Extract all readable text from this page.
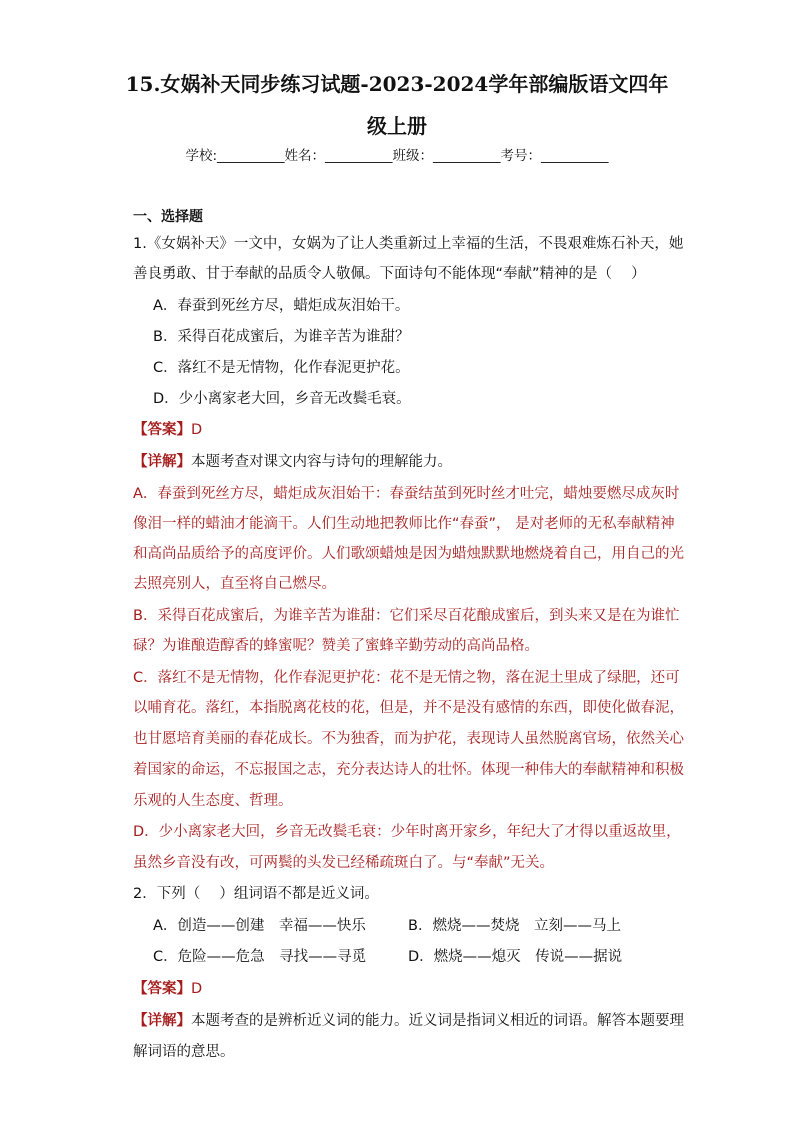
15.女娲补天同步练习试题-2023-2024学年部编版语文四年
级上册
学校:__________姓名：__________班级：__________考号：__________
一、选择题
1.《女娲补天》一文中，女娲为了让人类重新过上幸福的生活，不畏艰难炼石补天，她
善良勇敢、甘于奉献的品质令人敬佩。下面诗句不能体现“奉献”精神的是（　 ）
A．春蚕到死丝方尽，蜡炬成灰泪始干。
B．采得百花成蜜后，为谁辛苦为谁甜？
C．落红不是无情物，化作春泥更护花。
D．少小离家老大回，乡音无改鬓毛衰。
【答案】D
【详解】本题考查对课文内容与诗句的理解能力。
A．春蚕到死丝方尽，蜡炬成灰泪始干：春蚕结茧到死时丝才吐完，蜡烛要燃尽成灰时
像泪一样的蜡油才能滴干。人们生动地把教师比作“春蚕”， 是对老师的无私奉献精神
和高尚品质给予的高度评价。人们歌颂蜡烛是因为蜡烛默默地燃烧着自己，用自己的光
去照亮别人，直至将自己燃尽。
B．采得百花成蜜后，为谁辛苦为谁甜：它们采尽百花酿成蜜后，到头来又是在为谁忙
碌？为谁酿造醇香的蜂蜜呢？赞美了蜜蜂辛勤劳动的高尚品格。
C．落红不是无情物，化作春泥更护花：花不是无情之物，落在泥土里成了绿肥，还可
以哺育花。落红，本指脱离花枝的花，但是，并不是没有感情的东西，即使化做春泥，
也甘愿培育美丽的春花成长。不为独香，而为护花，表现诗人虽然脱离官场，依然关心
着国家的命运，不忘报国之志，充分表达诗人的壮怀。体现一种伟大的奉献精神和积极
乐观的人生态度、哲理。
D．少小离家老大回，乡音无改鬓毛衰：少年时离开家乡，年纪大了才得以重返故里，
虽然乡音没有改，可两鬓的头发已经稀疏斑白了。与“奉献”无关。
2．下列（　 ）组词语不都是近义词。
A．创造——创建　幸福——快乐	B．燃烧——焚烧　立刻——马上
C．危险——危急　寻找——寻觅	D．燃烧——熄灭　传说——据说
【答案】D
【详解】本题考查的是辨析近义词的能力。近义词是指词义相近的词语。解答本题要理
解词语的意思。
